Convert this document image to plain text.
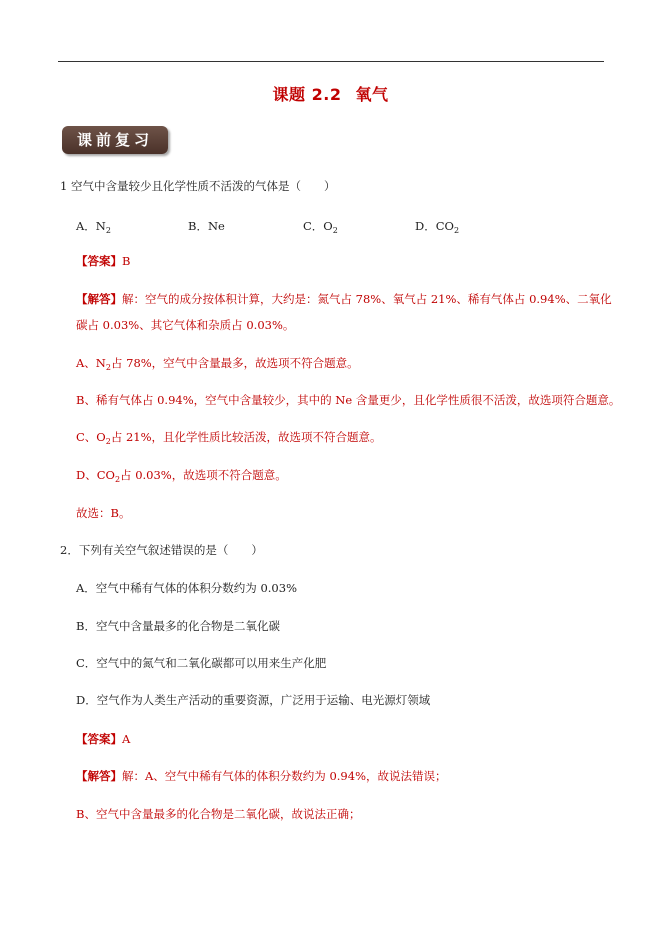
课题 2.2 氧气
课前复习
1 空气中含量较少且化学性质不活泼的气体是（　　）
A．$N_2$	B．Ne	C．$O_2$	D．$CO_2$
【答案】B
【解答】解：空气的成分按体积计算，大约是：氮气占 78%、氧气占 21%、稀有气体占 0.94%、二氧化
碳占 0.03%、其它气体和杂质占 0.03%。
A、$N_2$占 78%，空气中含量最多，故选项不符合题意。
B、稀有气体占 0.94%，空气中含量较少，其中的 Ne 含量更少，且化学性质很不活泼，故选项符合题意。
C、$O_2$占 21%，且化学性质比较活泼，故选项不符合题意。
D、$CO_2$占 0.03%，故选项不符合题意。
故选：B。
2．下列有关空气叙述错误的是（　　）
A．空气中稀有气体的体积分数约为 0.03%
B．空气中含量最多的化合物是二氧化碳
C．空气中的氮气和二氧化碳都可以用来生产化肥
D．空气作为人类生产活动的重要资源，广泛用于运输、电光源灯领域
【答案】A
【解答】解：A、空气中稀有气体的体积分数约为 0.94%，故说法错误；
B、空气中含量最多的化合物是二氧化碳，故说法正确；
